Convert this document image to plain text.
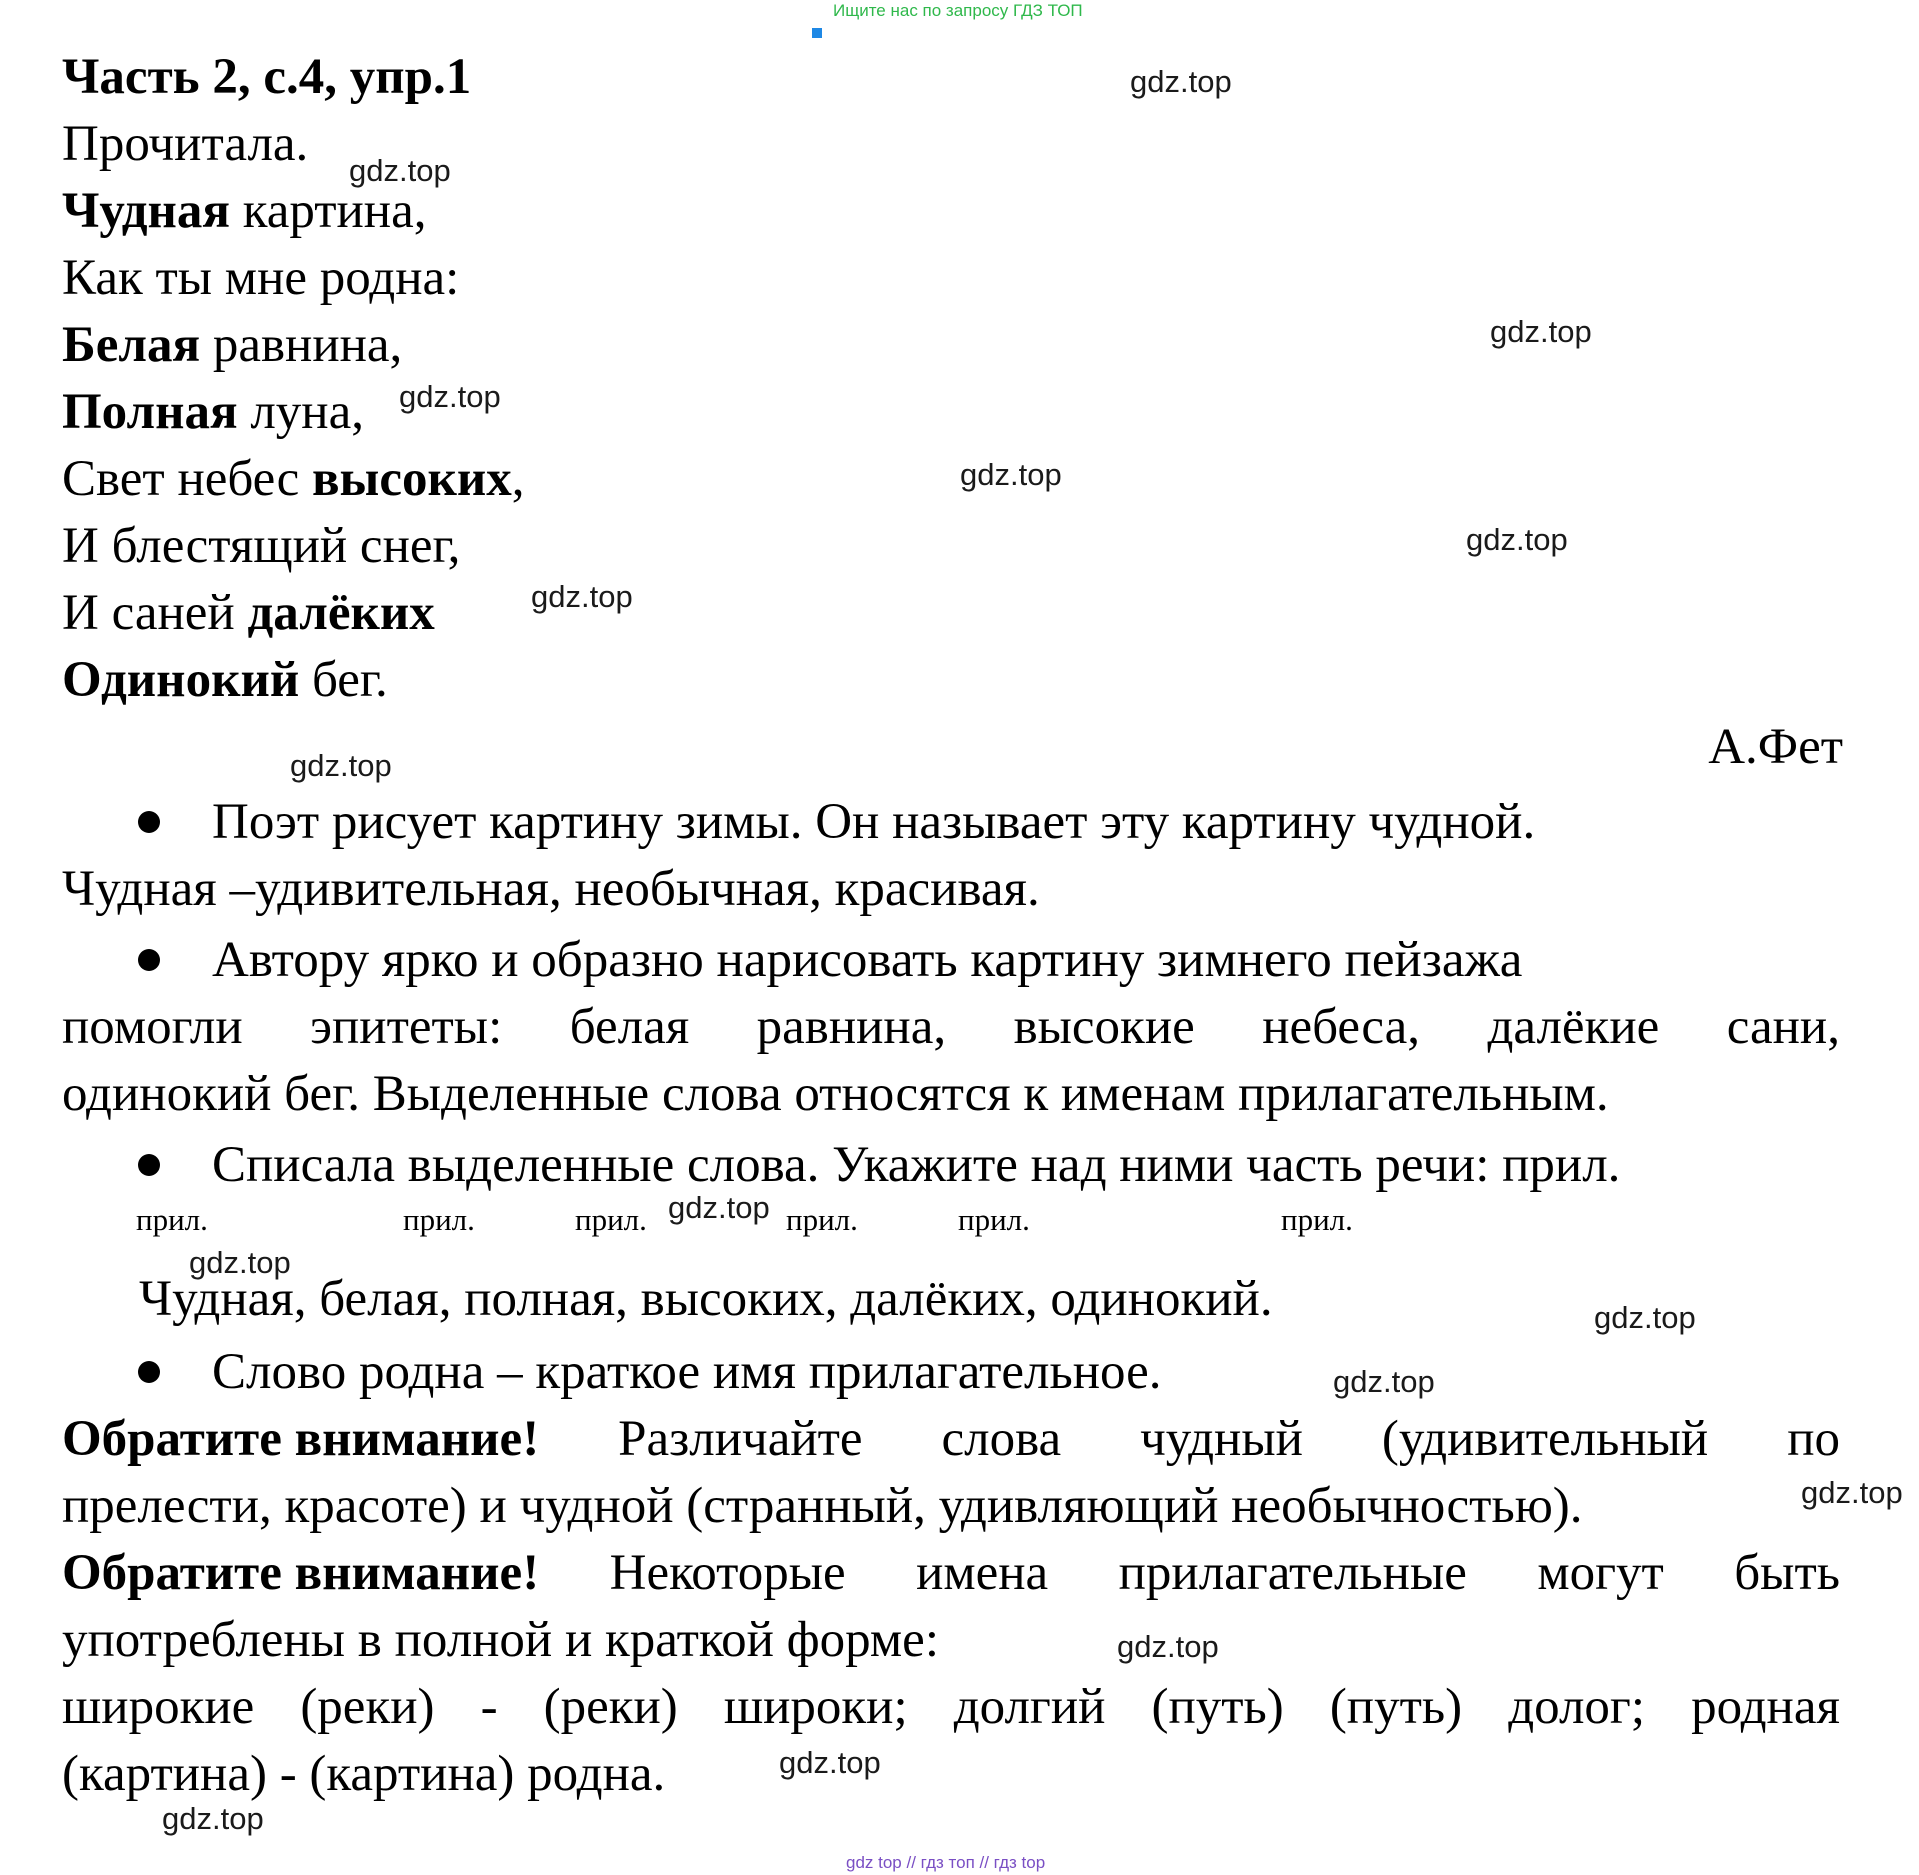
Ищите нас по запросу ГДЗ ТОП
Часть 2, с.4, упр.1
Прочитала.
Чудная картина,
Как ты мне родна:
Белая равнина,
Полная луна,
Свет небес высоких,
И блестящий снег,
И саней далёких
Одинокий бег.
А.Фет
Поэт рисует картину зимы. Он называет эту картину чудной.
Чудная –удивительная, необычная, красивая.
Автору ярко и образно нарисовать картину зимнего пейзажа
помогли эпитеты: белая равнина, высокие небеса, далёкие сани,
одинокий бег. Выделенные слова относятся к именам прилагательным.
Списала выделенные слова. Укажите над ними часть речи: прил.
прил.	прил.	прил.	прил.	прил.	прил.
Чудная, белая, полная, высоких, далёких, одинокий.
Слово родна – краткое имя прилагательное.
Обратите внимание! Различайте слова чудный (удивительный по
прелести, красоте) и чудной (странный, удивляющий необычностью).
Обратите внимание! Некоторые имена прилагательные могут быть
употреблены в полной и краткой форме:
широкие (реки) - (реки) широки; долгий (путь) (путь) долог; родная
(картина) - (картина) родна.
gdz.top
gdz.top
gdz.top
gdz.top
gdz.top
gdz.top
gdz.top
gdz.top
gdz.top
gdz.top
gdz.top
gdz.top
gdz.top
gdz.top
gdz.top
gdz.top
gdz top // гдз топ // гдз top
